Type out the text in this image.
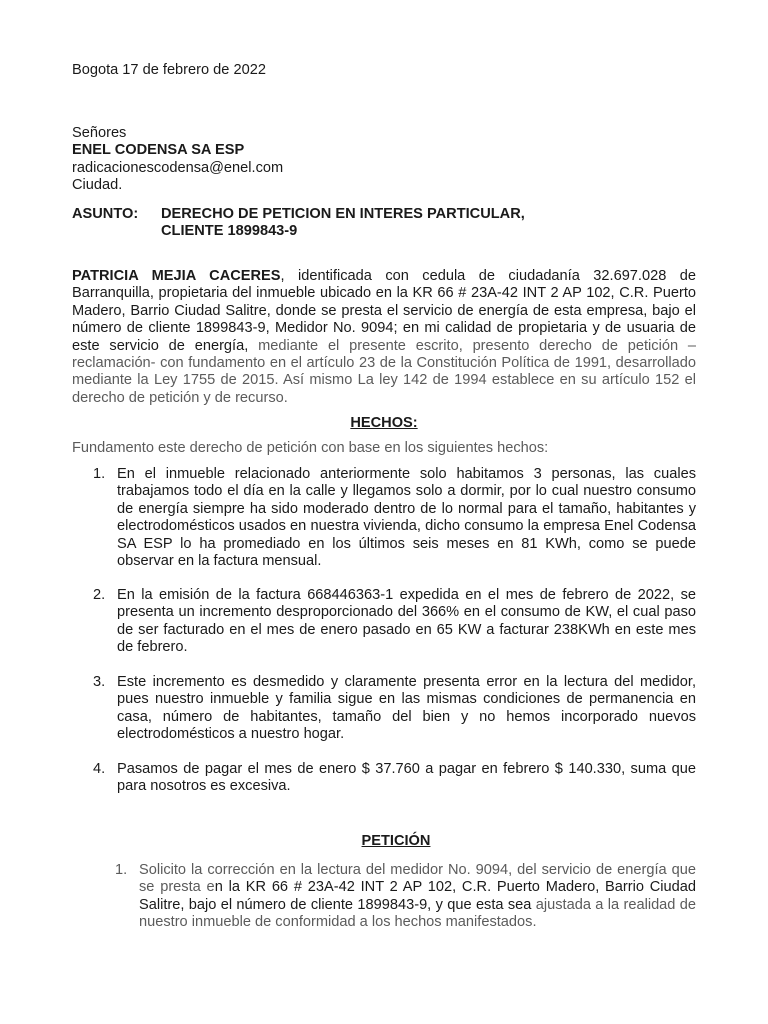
Bogota 17 de febrero de 2022
Señores
ENEL CODENSA SA ESP
radicacionescodensa@enel.com
Ciudad.
ASUNTO: DERECHO DE PETICION EN INTERES PARTICULAR,
CLIENTE 1899843-9
PATRICIA MEJIA CACERES, identificada con cedula de ciudadanía 32.697.028 de Barranquilla, propietaria del inmueble ubicado en la KR 66 # 23A-42 INT 2 AP 102, C.R. Puerto Madero, Barrio Ciudad Salitre, donde se presta el servicio de energía de esta empresa, bajo el número de cliente 1899843-9, Medidor No. 9094; en mi calidad de propietaria y de usuaria de este servicio de energía, mediante el presente escrito, presento derecho de petición –reclamación- con fundamento en el artículo 23 de la Constitución Política de 1991, desarrollado mediante la Ley 1755 de 2015. Así mismo La ley 142 de 1994 establece en su artículo 152 el derecho de petición y de recurso.
HECHOS:
Fundamento este derecho de petición con base en los siguientes hechos:
1. En el inmueble relacionado anteriormente solo habitamos 3 personas, las cuales trabajamos todo el día en la calle y llegamos solo a dormir, por lo cual nuestro consumo de energía siempre ha sido moderado dentro de lo normal para el tamaño, habitantes y electrodomésticos usados en nuestra vivienda, dicho consumo la empresa Enel Codensa SA ESP lo ha promediado en los últimos seis meses en 81 KWh, como se puede observar en la factura mensual.
2. En la emisión de la factura 668446363-1 expedida en el mes de febrero de 2022, se presenta un incremento desproporcionado del 366% en el consumo de KW, el cual paso de ser facturado en el mes de enero pasado en 65 KW a facturar 238KWh en este mes de febrero.
3. Este incremento es desmedido y claramente presenta error en la lectura del medidor, pues nuestro inmueble y familia sigue en las mismas condiciones de permanencia en casa, número de habitantes, tamaño del bien y no hemos incorporado nuevos electrodomésticos a nuestro hogar.
4. Pasamos de pagar el mes de enero $ 37.760 a pagar en febrero $ 140.330, suma que para nosotros es excesiva.
PETICIÓN
1. Solicito la corrección en la lectura del medidor No. 9094, del servicio de energía que se presta en la KR 66 # 23A-42 INT 2 AP 102, C.R. Puerto Madero, Barrio Ciudad Salitre, bajo el número de cliente 1899843-9, y que esta sea ajustada a la realidad de nuestro inmueble de conformidad a los hechos manifestados.
